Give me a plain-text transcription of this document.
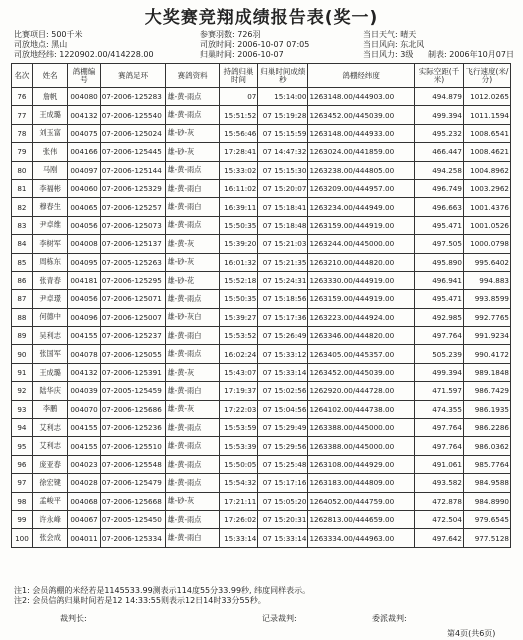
大奖赛竞翔成绩报告表(奖一)
比赛项目: 500千米
司放地点: 黑山
司放地经纬: 1220902.00/414228.00
参赛羽数: 726羽
司放时间: 2006-10-07 07:05
归巢时间: 2006-10-07
当日天气: 晴天
当日风向: 东北风
当日风力: 3级	制表: 2006年10月07日
名次	姓名	鸽棚编号	赛鸽足环	赛鸽资料	持鸽归巢时间	归巢时间成绩秒	鸽棚经纬度	实际空距(千米)	飞行速度(米/分)
76	詹帆	004080	07-2006-125283	雄-黄-雨点	07	15:14:00	1263148.00/444903.00	494.879	1012.0265
77	王成璐	004132	07-2006-125540	雄-黄-雨点	15:51:52	07 15:19:28	1263452.00/445039.00	499.394	1011.1594
78	刘玉富	004075	07-2006-125024	雄-砂-灰	15:56:46	07 15:15:59	1263148.00/444933.00	495.232	1008.6541
79	张伟	004166	07-2006-125445	雄-砂-灰	17:28:41	07 14:47:32	1263024.00/441859.00	466.447	1008.4621
80	马刚	004097	07-2006-125144	雄-黄-雨点	15:33:02	07 15:15:30	1263238.00/444805.00	494.258	1004.8962
81	李福彬	004060	07-2006-125329	雄-黄-雨白	16:11:02	07 15:20:07	1263209.00/444957.00	496.749	1003.2962
82	穆春生	004065	07-2006-125257	雄-黄-雨白	16:39:11	07 15:18:41	1263234.00/444949.00	496.663	1001.4376
83	尹卓维	004056	07-2006-125073	雄-黄-雨点	15:50:35	07 15:18:48	1263159.00/444919.00	495.471	1001.0526
84	李树军	004008	07-2006-125137	雄-黄-灰	15:39:20	07 15:21:03	1263244.00/445000.00	497.505	1000.0798
85	周栋东	004095	07-2005-125263	雄-砂-灰	16:01:32	07 15:21:35	1263210.00/444820.00	495.890	995.6402
86	张青春	004181	07-2006-125295	雄-砂-花	15:52:18	07 15:24:31	1263330.00/444919.00	496.941	994.883
87	尹卓璟	004056	07-2006-125071	雄-黄-雨点	15:50:35	07 15:18:56	1263159.00/444919.00	495.471	993.8599
88	何德中	004096	07-2006-125007	雄-砂-灰白	15:39:27	07 15:17:36	1263223.00/444924.00	492.985	992.7765
89	吴利志	004155	07-2006-125237	雄-黄-雨白	15:53:52	07 15:26:49	1263346.00/444820.00	497.764	991.9234
90	张国军	004078	07-2006-125055	雄-黄-雨点	16:02:24	07 15:33:12	1263405.00/445357.00	505.239	990.4172
91	王成璐	004132	07-2006-125391	雄-黄-灰	15:43:07	07 15:33:14	1263452.00/445039.00	499.394	989.1848
92	陆华庆	004039	07-2005-125459	雄-黄-雨白	17:19:37	07 15:02:56	1262920.00/444728.00	471.597	986.7429
93	李鹏	004070	07-2006-125686	雄-黄-灰	17:22:03	07 15:04:56	1264102.00/444738.00	474.355	986.1935
94	艾利志	004155	07-2006-125236	雄-黄-雨点	15:53:59	07 15:29:49	1263388.00/445000.00	497.764	986.2286
95	艾利志	004155	07-2006-125510	雄-黄-雨点	15:53:39	07 15:29:56	1263388.00/445000.00	497.764	986.0362
96	庞亚春	004023	07-2006-125548	雄-黄-雨点	15:50:05	07 15:25:48	1263108.00/444929.00	491.061	985.7764
97	徐宏键	004028	07-2006-125479	雄-黄-雨点	15:54:32	07 15:17:16	1263183.00/444809.00	493.582	984.9588
98	孟峻平	004068	07-2006-125668	雄-砂-灰	17:21:11	07 15:05:20	1264052.00/444759.00	472.878	984.8990
99	许永峰	004067	07-2005-125450	雄-黄-雨点	17:26:02	07 15:20:31	1262813.00/444659.00	472.504	979.6545
100	张会成	004011	07-2006-125334	雄-黄-雨白	15:33:14	07 15:33:14	1263334.00/444963.00	497.642	977.5128
注1: 会员鸽棚的米经若是1145533.99测表示114度55分33.99秒, 纬度同样表示。
注2: 会员信鸽归巢时间若是12 14:33:55则表示12日14时33分55秒。
裁判长:	记录裁判:	委派裁判:
第4页(共6页)
